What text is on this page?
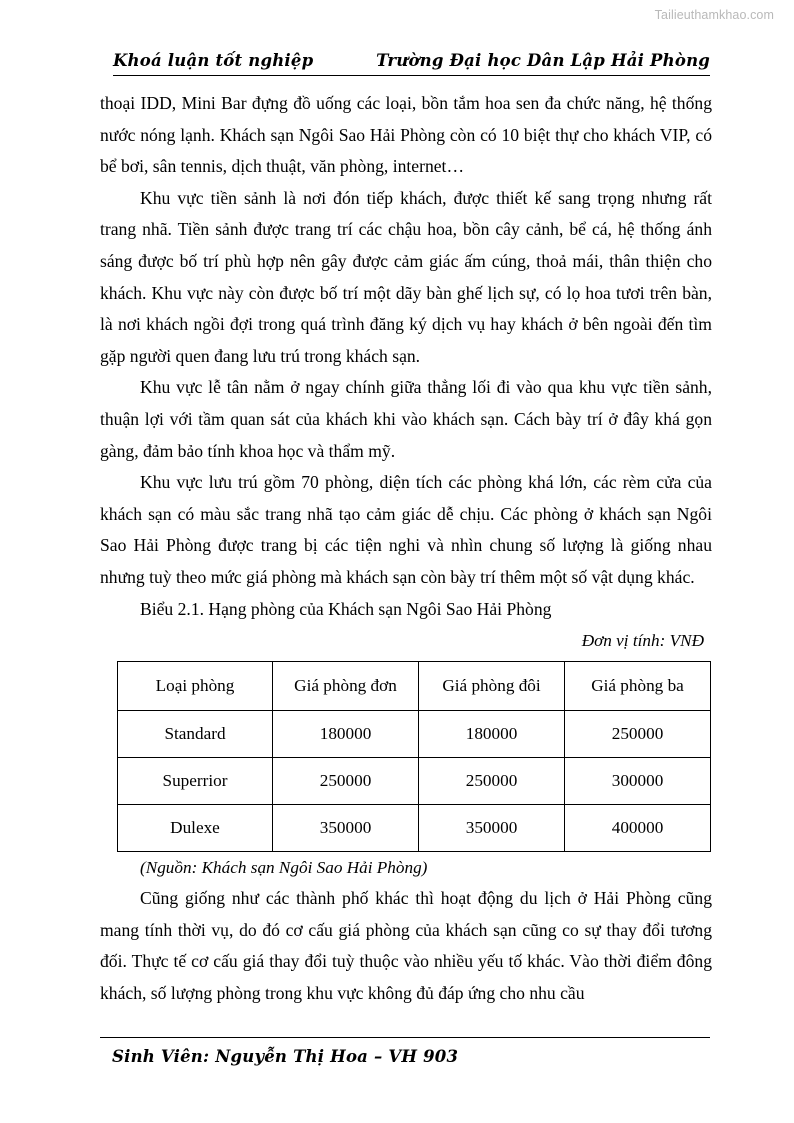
Tailieuthamkhao.com
Khoá luận tốt nghiệp	Trường Đại học Dân Lập Hải Phòng

thoại IDD, Mini Bar đựng đồ uống các loại, bồn tắm hoa sen đa chức năng, hệ thống nước nóng lạnh. Khách sạn Ngôi Sao Hải Phòng còn có 10 biệt thự cho khách VIP, có bể bơi, sân tennis, dịch thuật, văn phòng, internet…

Khu vực tiền sảnh là nơi đón tiếp khách, được thiết kế sang trọng nhưng rất trang nhã. Tiền sảnh được trang trí các chậu hoa, bồn cây cảnh, bể cá, hệ thống ánh sáng được bố trí phù hợp nên gây được cảm giác ấm cúng, thoả mái, thân thiện cho khách. Khu vực này còn được bố trí một dãy bàn ghế lịch sự, có lọ hoa tươi trên bàn, là nơi khách ngồi đợi trong quá trình đăng ký dịch vụ hay khách ở bên ngoài đến tìm gặp người quen đang lưu trú trong khách sạn.

Khu vực lễ tân nằm ở ngay chính giữa thẳng lối đi vào qua khu vực tiền sảnh, thuận lợi với tầm quan sát của khách khi vào khách sạn. Cách bày trí ở đây khá gọn gàng, đảm bảo tính khoa học và thẩm mỹ.

Khu vực lưu trú gồm 70 phòng, diện tích các phòng khá lớn, các rèm cửa của khách sạn có màu sắc trang nhã tạo cảm giác dễ chịu. Các phòng ở khách sạn Ngôi Sao Hải Phòng được trang bị các tiện nghi và nhìn chung số lượng là giống nhau nhưng tuỳ theo mức giá phòng mà khách sạn còn bày trí thêm một số vật dụng khác.

Biểu 2.1. Hạng phòng của Khách sạn Ngôi Sao Hải Phòng

Đơn vị tính: VNĐ

Loại phòng	Giá phòng đơn	Giá phòng đôi	Giá phòng ba
Standard	180000	180000	250000
Superrior	250000	250000	300000
Dulexe	350000	350000	400000

(Nguồn: Khách sạn Ngôi Sao Hải Phòng)

Cũng giống như các thành phố khác thì hoạt động du lịch ở Hải Phòng cũng mang tính thời vụ, do đó cơ cấu giá phòng của khách sạn cũng co sự thay đổi tương đối. Thực tế cơ cấu giá thay đổi tuỳ thuộc vào nhiều yếu tố khác. Vào thời điểm đông khách, số lượng phòng trong khu vực không đủ đáp ứng cho nhu cầu

Sinh Viên: Nguyễn Thị Hoa – VH 903
